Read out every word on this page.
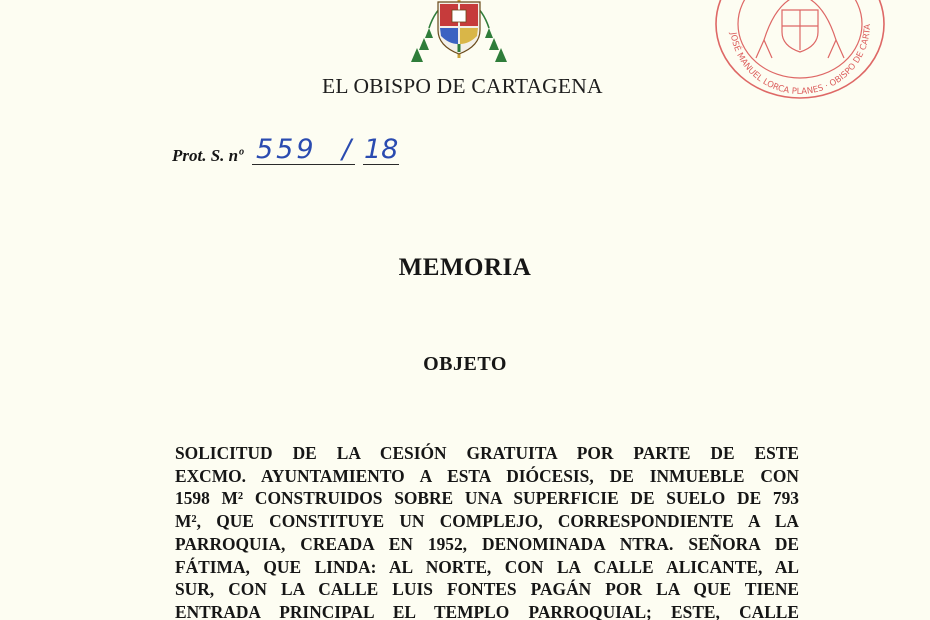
EL OBISPO DE CARTAGENA
JOSÉ MANUEL LORCA PLANES · OBISPO DE CARTA
Prot. S. nº 559 / 18
MEMORIA
OBJETO
SOLICITUD DE LA CESIÓN GRATUITA POR PARTE DE ESTE
EXCMO. AYUNTAMIENTO A ESTA DIÓCESIS, DE INMUEBLE CON
1598 M² CONSTRUIDOS SOBRE UNA SUPERFICIE DE SUELO DE 793
M², QUE CONSTITUYE UN COMPLEJO, CORRESPONDIENTE A LA
PARROQUIA, CREADA EN 1952, DENOMINADA NTRA. SEÑORA DE
FÁTIMA, QUE LINDA: AL NORTE, CON LA CALLE ALICANTE, AL
SUR, CON LA CALLE LUIS FONTES PAGÁN POR LA QUE TIENE
ENTRADA PRINCIPAL EL TEMPLO PARROQUIAL; ESTE, CALLE
